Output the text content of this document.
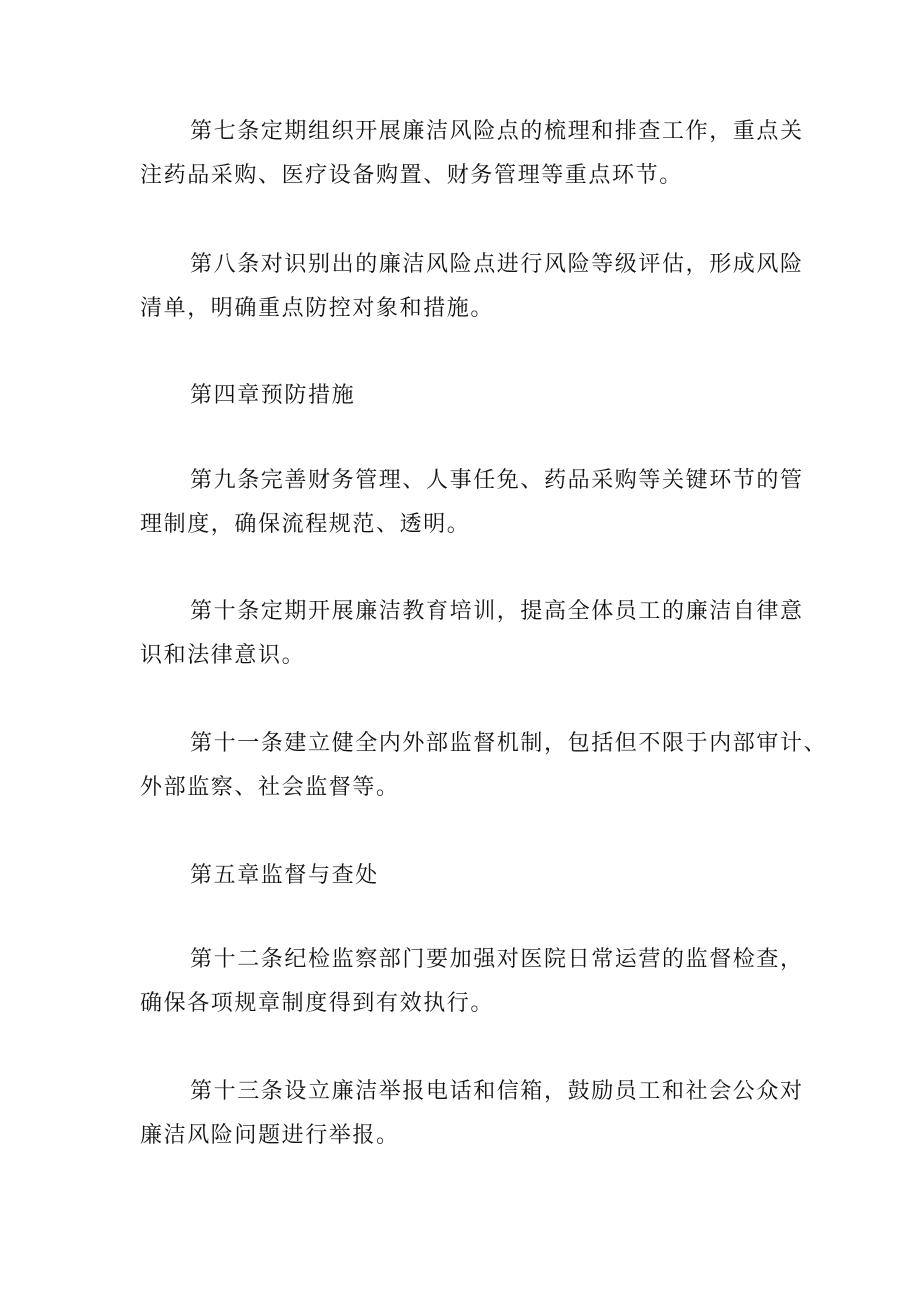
第七条定期组织开展廉洁风险点的梳理和排查工作，重点关
注药品采购、医疗设备购置、财务管理等重点环节。

第八条对识别出的廉洁风险点进行风险等级评估，形成风险
清单，明确重点防控对象和措施。

第四章预防措施

第九条完善财务管理、人事任免、药品采购等关键环节的管
理制度，确保流程规范、透明。

第十条定期开展廉洁教育培训，提高全体员工的廉洁自律意
识和法律意识。

第十一条建立健全内外部监督机制，包括但不限于内部审计、
外部监察、社会监督等。

第五章监督与查处

第十二条纪检监察部门要加强对医院日常运营的监督检查，
确保各项规章制度得到有效执行。

第十三条设立廉洁举报电话和信箱，鼓励员工和社会公众对
廉洁风险问题进行举报。
